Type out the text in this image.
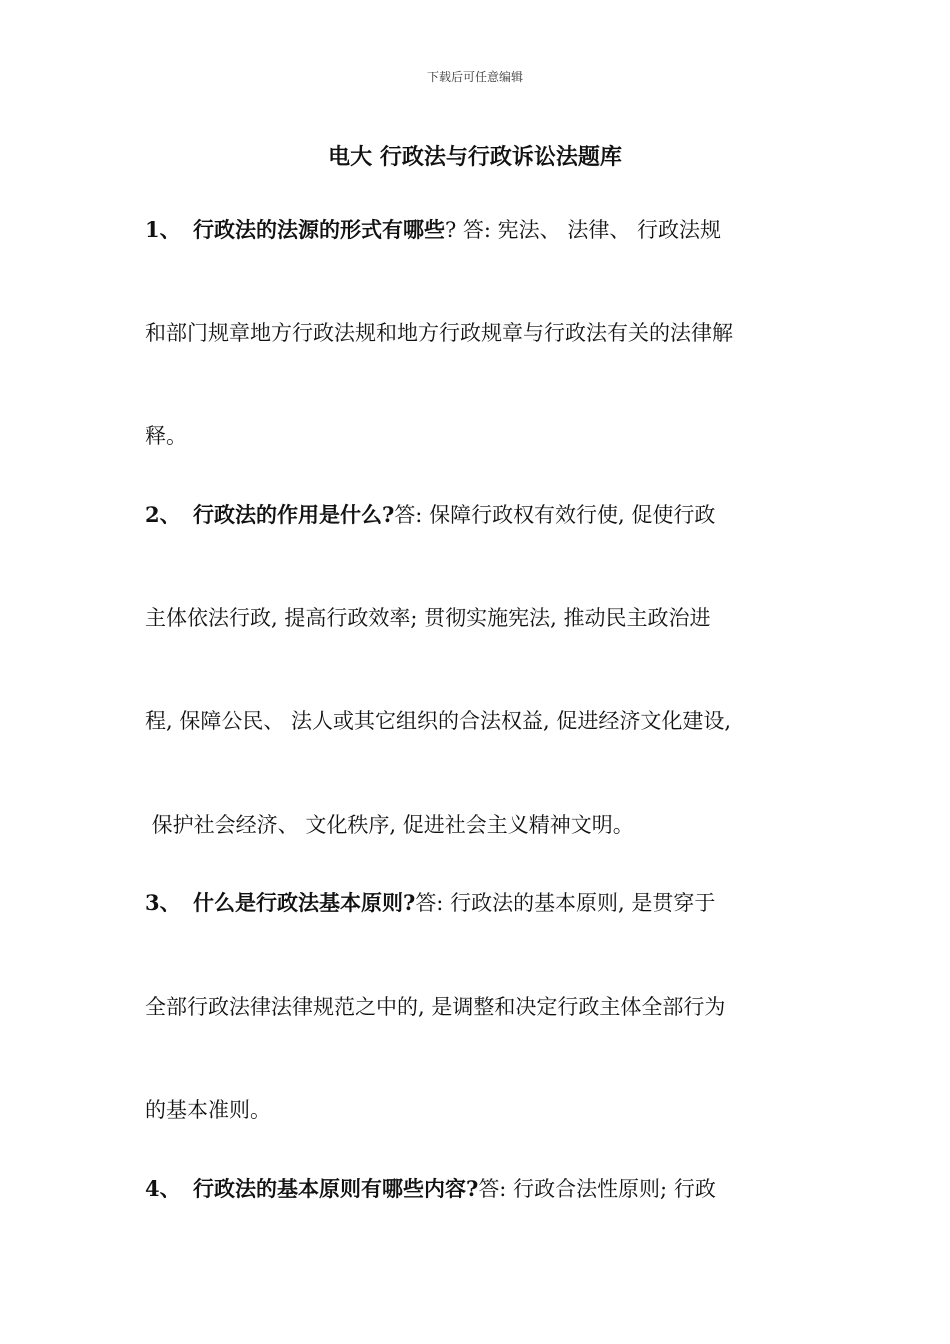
下载后可任意编辑
电大 行政法与行政诉讼法题库
1、 行政法的法源的形式有哪些? 答: 宪法、 法律、 行政法规
和部门规章地方行政法规和地方行政规章与行政法有关的法律解
释。
2、 行政法的作用是什么?答: 保障行政权有效行使, 促使行政
主体依法行政, 提高行政效率; 贯彻实施宪法, 推动民主政治进
程, 保障公民、 法人或其它组织的合法权益, 促进经济文化建设,
保护社会经济、 文化秩序, 促进社会主义精神文明。
3、 什么是行政法基本原则?答: 行政法的基本原则, 是贯穿于
全部行政法律法律规范之中的, 是调整和决定行政主体全部行为
的基本准则。
4、 行政法的基本原则有哪些内容?答: 行政合法性原则; 行政
